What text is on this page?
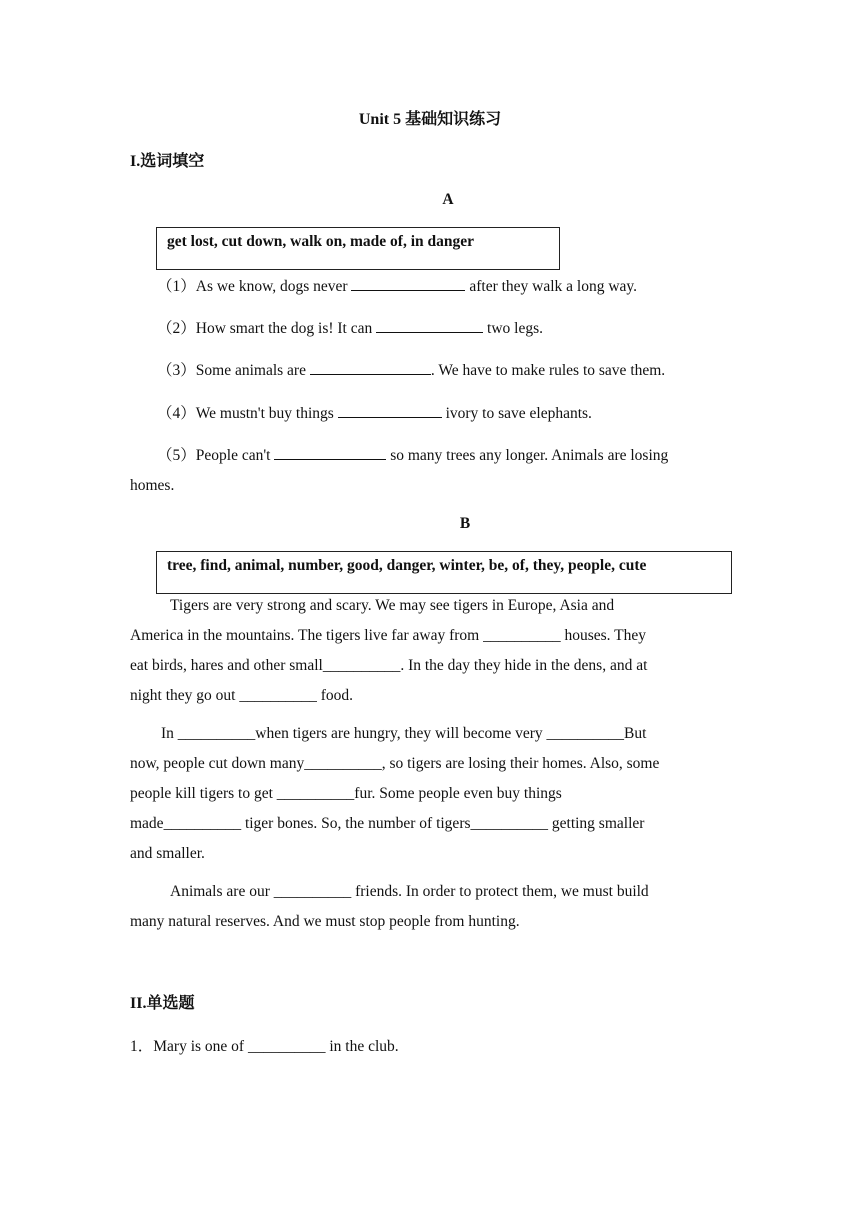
Unit 5 基础知识练习
I.选词填空
A
get lost, cut down, walk on, made of, in danger
（1）As we know, dogs never	after they walk a long way.
（2）How smart the dog is! It can	two legs.
（3）Some animals are	. We have to make rules to save them.
（4）We mustn't buy things	ivory to save elephants.
（5）People can't	so many trees any longer. Animals are losing
homes.
B
tree, find, animal, number, good, danger, winter, be, of, they, people, cute
Tigers are very strong and scary. We may see tigers in Europe, Asia and
America in the mountains. The tigers live far away from __________ houses. They
eat birds, hares and other small__________. In the day they hide in the dens, and at
night they go out __________ food.
In __________when tigers are hungry, they will become very __________But
now, people cut down many__________, so tigers are losing their homes. Also, some
people kill tigers to get __________fur. Some people even buy things
made__________ tiger bones. So, the number of tigers__________ getting smaller
and smaller.
Animals are our __________ friends. In order to protect them, we must build
many natural reserves. And we must stop people from hunting.
II.单选题
1．Mary is one of __________ in the club.
